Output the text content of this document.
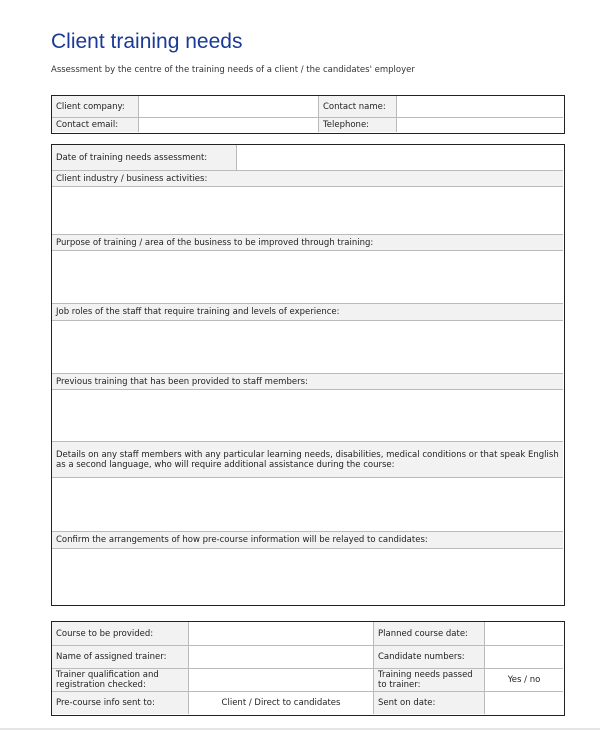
Client training needs
Assessment by the centre of the training needs of a client / the candidates' employer
Client company:	Contact name:
Contact email:	Telephone:
Date of training needs assessment:
Client industry / business activities:
Purpose of training / area of the business to be improved through training:
Job roles of the staff that require training and levels of experience:
Previous training that has been provided to staff members:
Details on any staff members with any particular learning needs, disabilities, medical conditions or that speak English as a second language, who will require additional assistance during the course:
Confirm the arrangements of how pre-course information will be relayed to candidates:
Course to be provided:	Planned course date:
Name of assigned trainer:	Candidate numbers:
Trainer qualification and registration checked:
Training needs passed to trainer:	Yes / no
Pre-course info sent to:	Client / Direct to candidates	Sent on date:
